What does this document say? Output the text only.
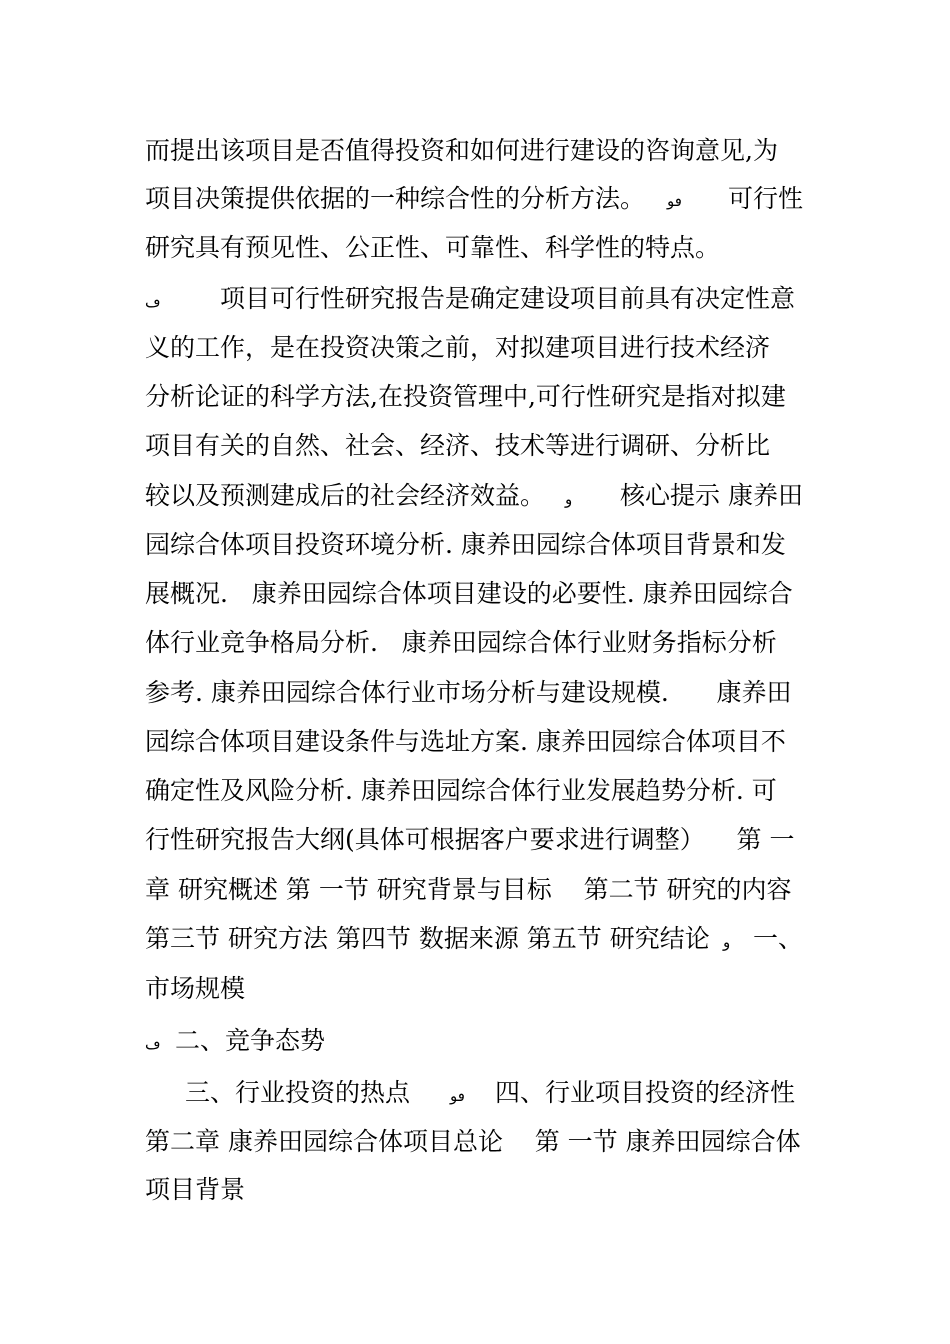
而提出该项目是否值得投资和如何进行建设的咨询意见,为
项目决策提供依据的一种综合性的分析方法。 ڡو 可行性
研究具有预见性、公正性、可靠性、科学性的特点。
ڡ 项目可行性研究报告是确定建设项目前具有决定性意
义的工作，是在投资决策之前，对拟建项目进行技术经济
分析论证的科学方法,在投资管理中,可行性研究是指对拟建
项目有关的自然、社会、经济、技术等进行调研、分析比
较以及预测建成后的社会经济效益。 و 核心提示 康养田
园综合体项目投资环境分析. 康养田园综合体项目背景和发
展概况.   康养田园综合体项目建设的必要性. 康养田园综合
体行业竞争格局分析.   康养田园综合体行业财务指标分析
参考. 康养田园综合体行业市场分析与建设规模.      康养田
园综合体项目建设条件与选址方案. 康养田园综合体项目不
确定性及风险分析. 康养田园综合体行业发展趋势分析. 可
行性研究报告大纲(具体可根据客户要求进行调整）    第 一
章 研究概述 第 一节 研究背景与目标    第二节 研究的内容
第三节 研究方法 第四节 数据来源 第五节 研究结论 و 一、
市场规模
ڡ 二、竞争态势
三、行业投资的热点	ڡو 四、行业项目投资的经济性
第二章 康养田园综合体项目总论    第 一节 康养田园综合体
项目背景
